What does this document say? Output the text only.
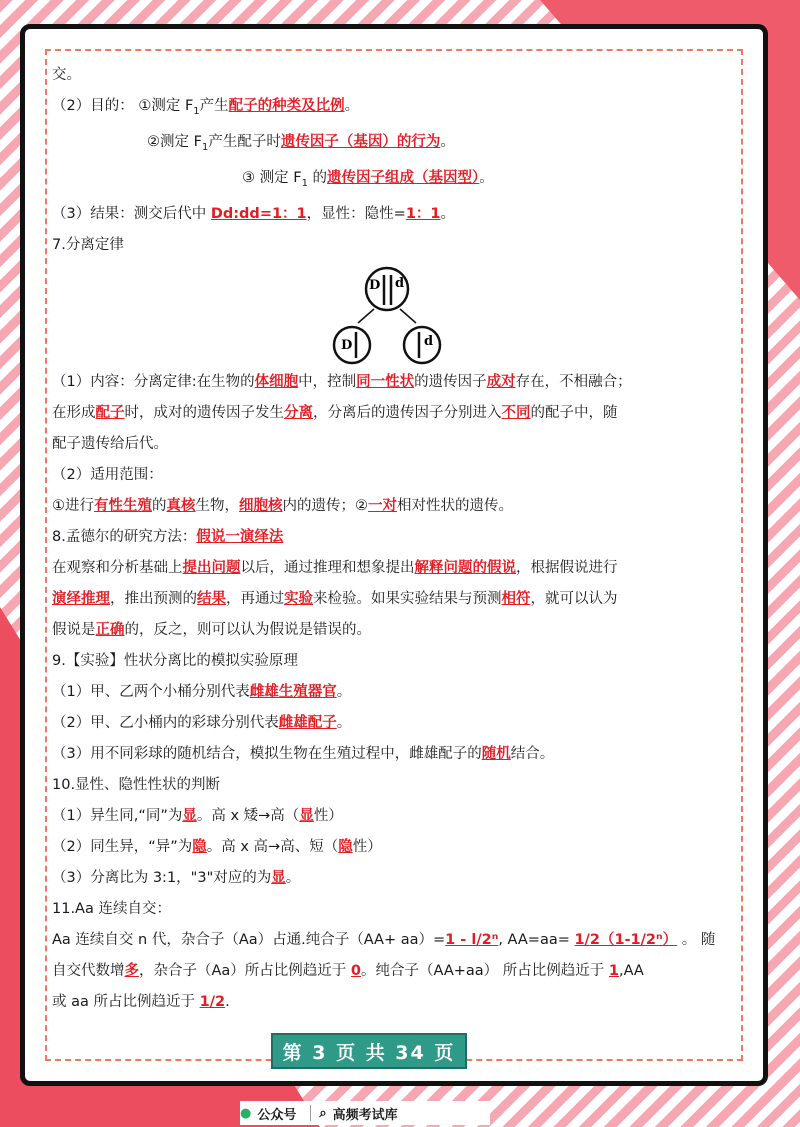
交。

（2）目的： ①测定 $F_1$产生配子的种类及比例。

②测定 $F_1$产生配子时遗传因子（基因）的行为。

③ 测定 $F_1$ 的遗传因子组成（基因型）。

（3）结果：测交后代中 Dd:dd=1：1，显性：隐性=1：1。

7.分离定律

D d
D	d

（1）内容：分离定律:在生物的体细胞中，控制同一性状的遗传因子成对存在，不相融合；

在形成配子时，成对的遗传因子发生分离，分离后的遗传因子分别进入不同的配子中，随

配子遗传给后代。

（2）适用范围：

①进行有性生殖的真核生物，细胞核内的遗传；②一对相对性状的遗传。

8.孟德尔的研究方法：假说一演绎法

在观察和分析基础上提出问题以后，通过推理和想象提出解释问题的假说，根据假说进行

演绎推理，推出预测的结果，再通过实验来检验。如果实验结果与预测相符，就可以认为

假说是正确的，反之，则可以认为假说是错误的。

9.【实验】性状分离比的模拟实验原理

（1）甲、乙两个小桶分别代表雌雄生殖器官。

（2）甲、乙小桶内的彩球分别代表雌雄配子。

（3）用不同彩球的随机结合，模拟生物在生殖过程中，雌雄配子的随机结合。

10.显性、隐性性状的判断

（1）异生同,“同”为显。高 x 矮→高（显性）

（2）同生异，“异”为隐。高 x 高→高、短（隐性）

（3）分离比为 3:1，"3"对应的为显。

11.Aa 连续自交：

Aa 连续自交 n 代，杂合子（Aa）占通.纯合子（AA+ aa）=1 - l/2ⁿ, AA=aa= 1/2（1-1/2ⁿ） 。 随

自交代数增多，杂合子（Aa）所占比例趋近于 0。纯合子（AA+aa） 所占比例趋近于 1,AA

或 aa 所占比例趋近于 1/2.

第 3 页 共 34 页
● 公众号 ⌕ 高频考试库
